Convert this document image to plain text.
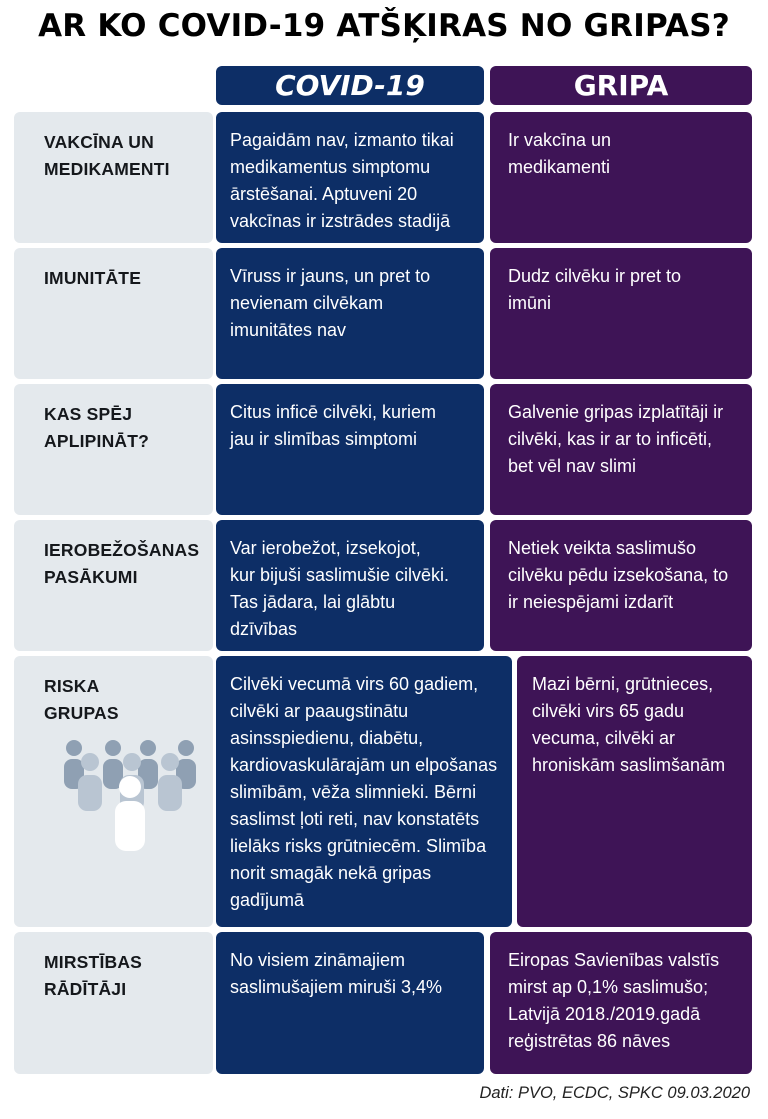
AR KO COVID-19 ATŠĶIRAS NO GRIPAS?
COVID-19	GRIPA
VAKCĪNA UN MEDIKAMENTI
Pagaidām nav, izmanto tikai medikamentus simptomu ārstēšanai. Aptuveni 20 vakcīnas ir izstrādes stadijā
Ir vakcīna un medikamenti
IMUNITĀTE	Vīruss ir jauns, un pret to nevienam cilvēkam imunitātes nav
Dudz cilvēku ir pret to imūni
KAS SPĒJ APLIPINĀT?
Citus inficē cilvēki, kuriem jau ir slimības simptomi
Galvenie gripas izplatītāji ir cilvēki, kas ir ar to inficēti, bet vēl nav slimi
IEROBEŽOŠANAS PASĀKUMI
Var ierobežot, izsekojot, kur bijuši saslimušie cilvēki. Tas jādara, lai glābtu dzīvības
Netiek veikta saslimušo cilvēku pēdu izsekošana, to ir neiespējami izdarīt
RISKA GRUPAS
Cilvēki vecumā virs 60 gadiem, cilvēki ar paaugstinātu asinsspiedienu, diabētu, kardiovaskulārajām un elpošanas slimībām, vēža slimnieki. Bērni saslimst ļoti reti, nav konstatēts lielāks risks grūtniecēm. Slimība norit smagāk nekā gripas gadījumā
Mazi bērni, grūtnieces, cilvēki virs 65 gadu vecuma, cilvēki ar hroniskām saslimšanām
MIRSTĪBAS RĀDĪTĀJI
No visiem zināmajiem saslimušajiem miruši 3,4%
Eiropas Savienības valstīs mirst ap 0,1% saslimušo; Latvijā 2018./2019.gadā reģistrētas 86 nāves
Dati: PVO, ECDC, SPKC 09.03.2020
